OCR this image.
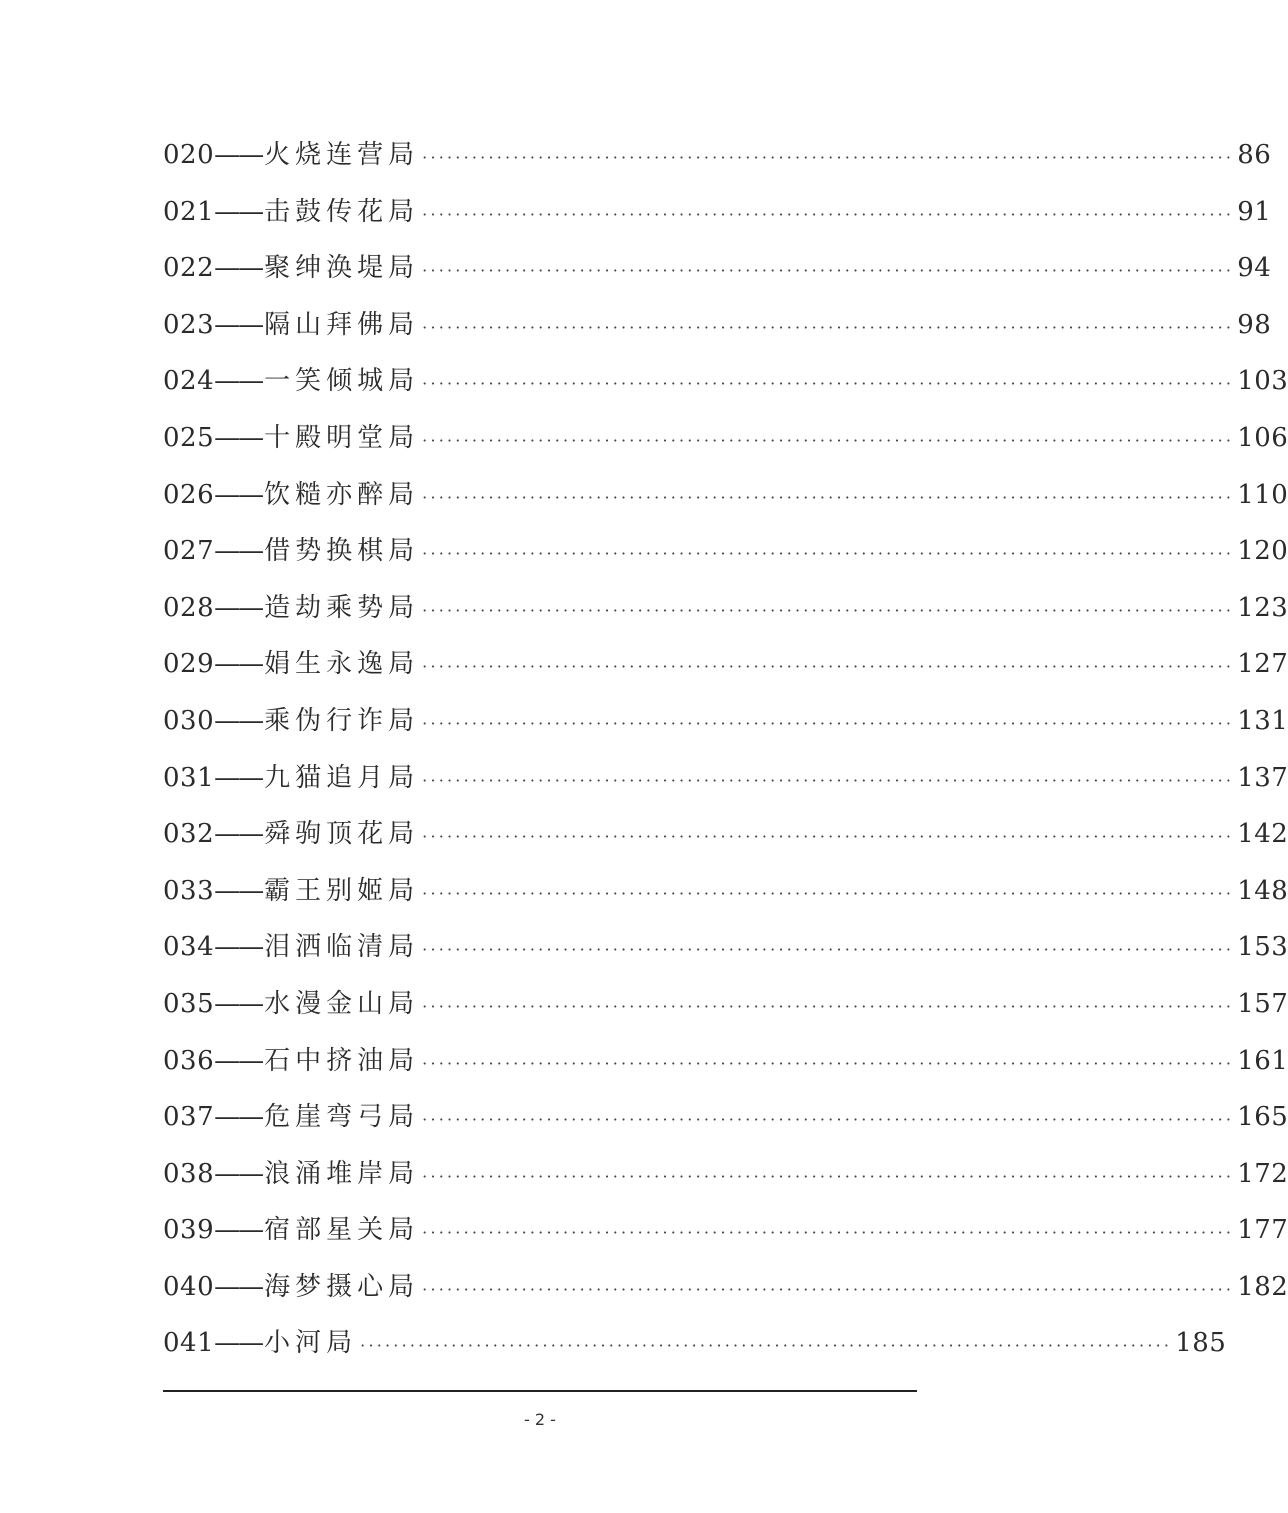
020 —— 火烧连营局 ·································································································· 86
021 —— 击鼓传花局 ·································································································· 91
022 —— 聚绅涣堤局 ·································································································· 94
023 —— 隔山拜佛局 ·································································································· 98
024 —— 一笑倾城局 ·································································································· 103
025 —— 十殿明堂局 ·································································································· 106
026 —— 饮糙亦醉局 ·································································································· 110
027 —— 借势换棋局 ·································································································· 120
028 —— 造劫乘势局 ·································································································· 123
029 —— 娟生永逸局 ·································································································· 127
030 —— 乘伪行诈局 ·································································································· 131
031 —— 九猫追月局 ·································································································· 137
032 —— 舜驹顶花局 ·································································································· 142
033 —— 霸王别姬局 ·································································································· 148
034 —— 泪洒临清局 ·································································································· 153
035 —— 水漫金山局 ·································································································· 157
036 —— 石中挤油局 ·································································································· 161
037 —— 危崖弯弓局 ·································································································· 165
038 —— 浪涌堆岸局 ·································································································· 172
039 —— 宿部星关局 ·································································································· 177
040 —— 海梦摄心局 ·································································································· 182
041 —— 小河局 ·································································································· 185
- 2 -
